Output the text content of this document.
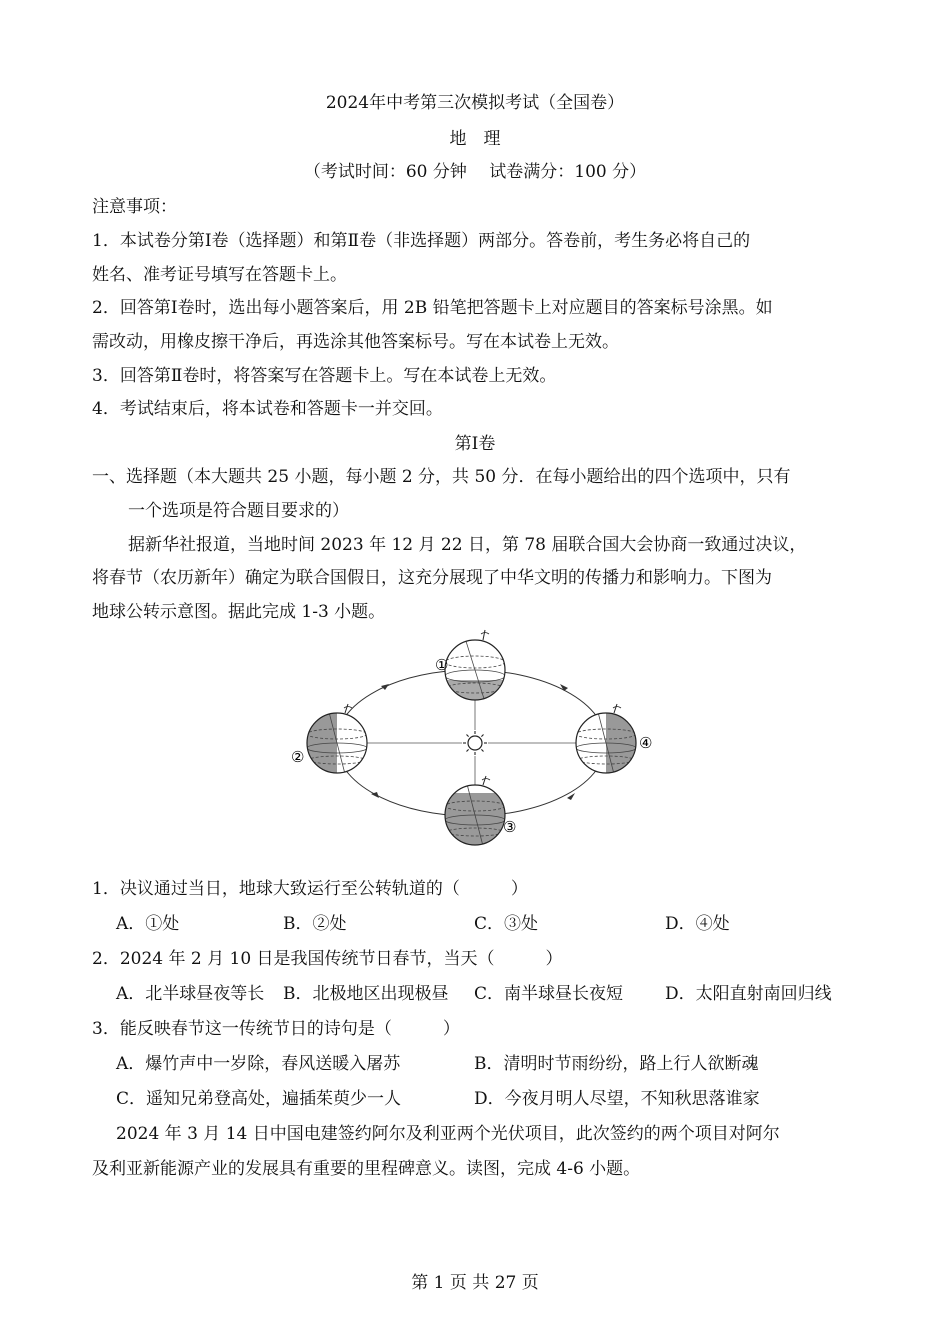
2024年中考第三次模拟考试（全国卷）
地　理
（考试时间：60 分钟　 试卷满分：100 分）
注意事项：
1．本试卷分第Ⅰ卷（选择题）和第Ⅱ卷（非选择题）两部分。答卷前，考生务必将自己的
姓名、准考证号填写在答题卡上。
2．回答第Ⅰ卷时，选出每小题答案后，用 2B 铅笔把答题卡上对应题目的答案标号涂黑。如
需改动，用橡皮擦干净后，再选涂其他答案标号。写在本试卷上无效。
3．回答第Ⅱ卷时，将答案写在答题卡上。写在本试卷上无效。
4．考试结束后，将本试卷和答题卡一并交回。
第Ⅰ卷
一、选择题（本大题共 25 小题，每小题 2 分，共 50 分．在每小题给出的四个选项中，只有
一个选项是符合题目要求的）
据新华社报道，当地时间 2023 年 12 月 22 日，第 78 届联合国大会协商一致通过决议，
将春节（农历新年）确定为联合国假日，这充分展现了中华文明的传播力和影响力。下图为
地球公转示意图。据此完成 1-3 小题。
①
②
③
④
1．决议通过当日，地球大致运行至公转轨道的（　　　）
A．①处	B．②处	C．③处	D．④处
2．2024 年 2 月 10 日是我国传统节日春节，当天（　　　）
A．北半球昼夜等长 B．北极地区出现极昼 C．南半球昼长夜短 D．太阳直射南回归线
3．能反映春节这一传统节日的诗句是（　　　）
A．爆竹声中一岁除，春风送暖入屠苏	B．清明时节雨纷纷，路上行人欲断魂
C．遥知兄弟登高处，遍插茱萸少一人	D．今夜月明人尽望，不知秋思落谁家
2024 年 3 月 14 日中国电建签约阿尔及利亚两个光伏项目，此次签约的两个项目对阿尔
及利亚新能源产业的发展具有重要的里程碑意义。读图，完成 4-6 小题。
第 1 页 共 27 页
